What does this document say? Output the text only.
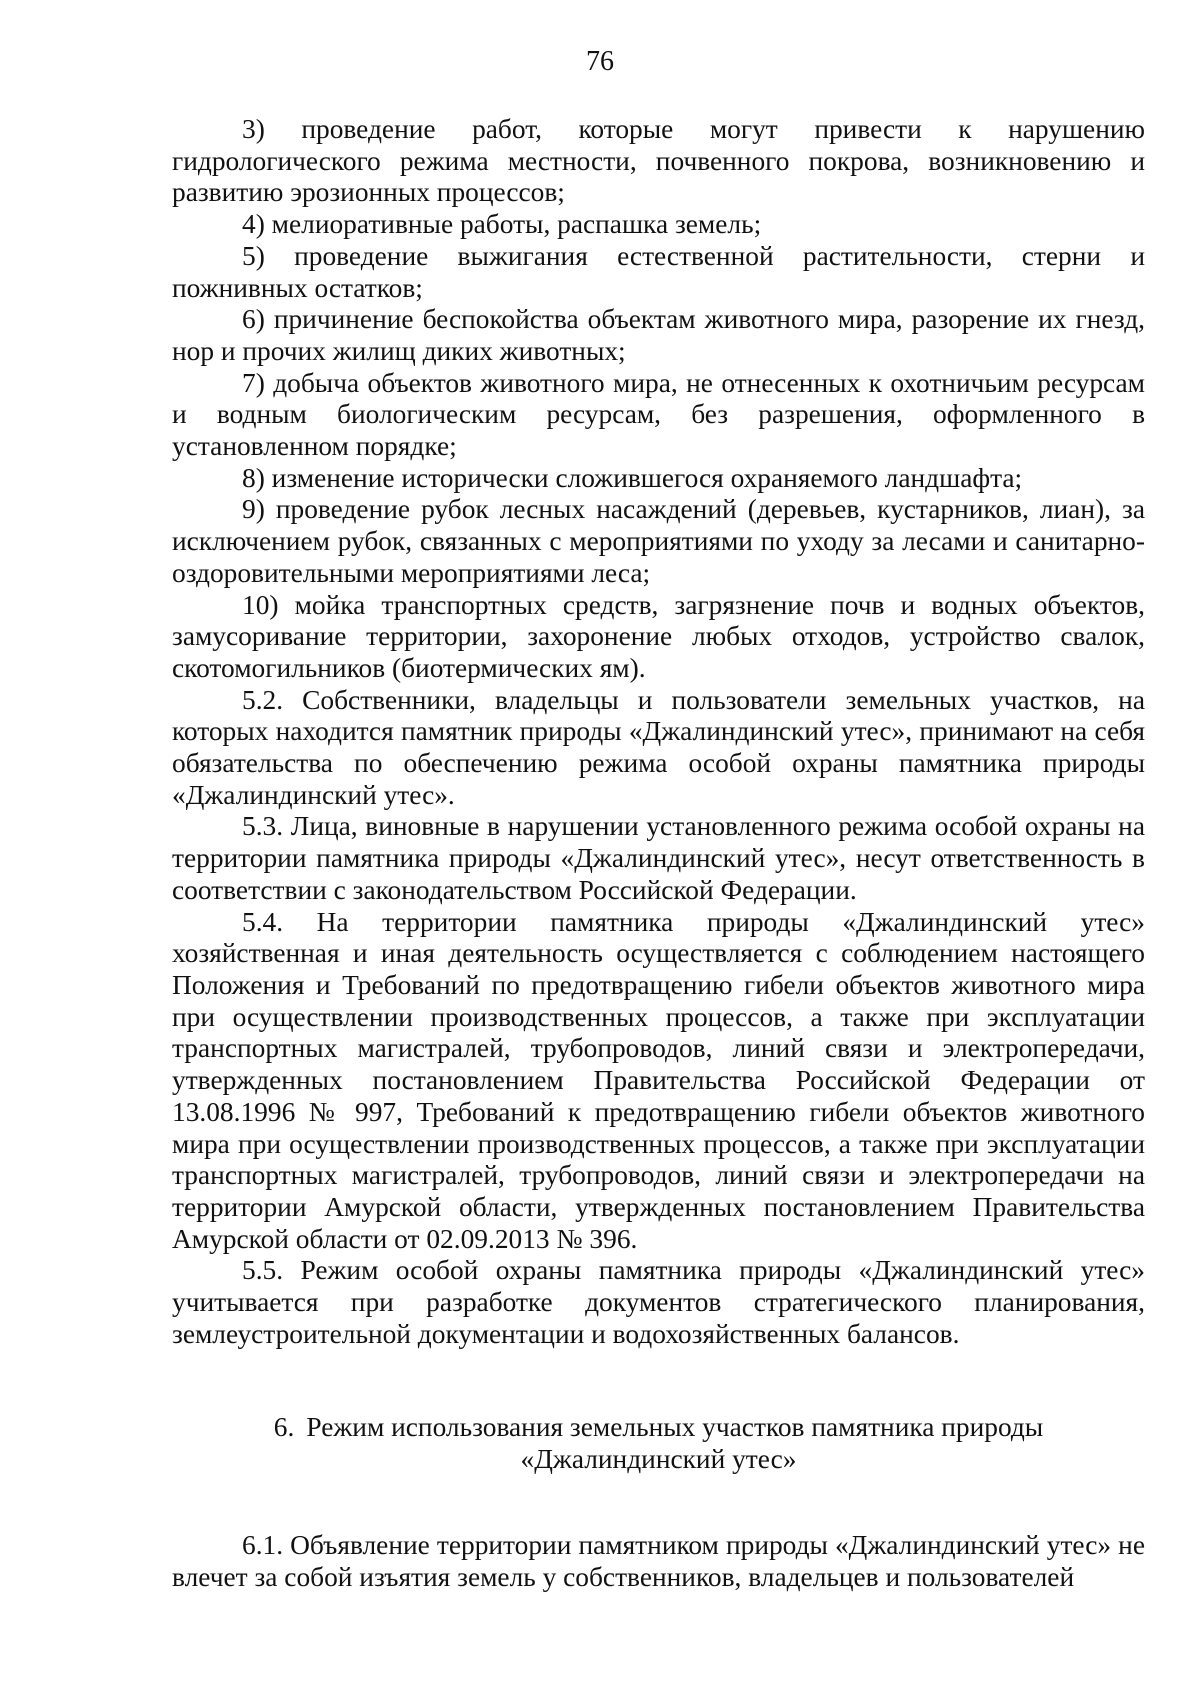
76

3) проведение работ, которые могут привести к нарушению гидрологического режима местности, почвенного покрова, возникновению и развитию эрозионных процессов;

4) мелиоративные работы, распашка земель;

5) проведение выжигания естественной растительности, стерни и пожнивных остатков;

6) причинение беспокойства объектам животного мира, разорение их гнезд, нор и прочих жилищ диких животных;

7) добыча объектов животного мира, не отнесенных к охотничьим ресурсам и водным биологическим ресурсам, без разрешения, оформленного в установленном порядке;

8) изменение исторически сложившегося охраняемого ландшафта;

9) проведение рубок лесных насаждений (деревьев, кустарников, лиан), за исключением рубок, связанных с мероприятиями по уходу за лесами и санитарно-оздоровительными мероприятиями леса;

10) мойка транспортных средств, загрязнение почв и водных объектов, замусоривание территории, захоронение любых отходов, устройство свалок, скотомогильников (биотермических ям).

5.2. Собственники, владельцы и пользователи земельных участков, на которых находится памятник природы «Джалиндинский утес», принимают на себя обязательства по обеспечению режима особой охраны памятника природы «Джалиндинский утес».

5.3. Лица, виновные в нарушении установленного режима особой охраны на территории памятника природы «Джалиндинский утес», несут ответственность в соответствии с законодательством Российской Федерации.

5.4. На территории памятника природы «Джалиндинский утес» хозяйственная и иная деятельность осуществляется с соблюдением настоящего Положения и Требований по предотвращению гибели объектов животного мира при осуществлении производственных процессов, а также при эксплуатации транспортных магистралей, трубопроводов, линий связи и электропередачи, утвержденных постановлением Правительства Российской Федерации от 13.08.1996 № 997, Требований к предотвращению гибели объектов животного мира при осуществлении производственных процессов, а также при эксплуатации транспортных магистралей, трубопроводов, линий связи и электропередачи на территории Амурской области, утвержденных постановлением Правительства Амурской области от 02.09.2013 № 396.

5.5. Режим особой охраны памятника природы «Джалиндинский утес» учитывается при разработке документов стратегического планирования, землеустроительной документации и водохозяйственных балансов.

6. Режим использования земельных участков памятника природы «Джалиндинский утес»

6.1. Объявление территории памятником природы «Джалиндинский утес» не влечет за собой изъятия земель у собственников, владельцев и пользователей
